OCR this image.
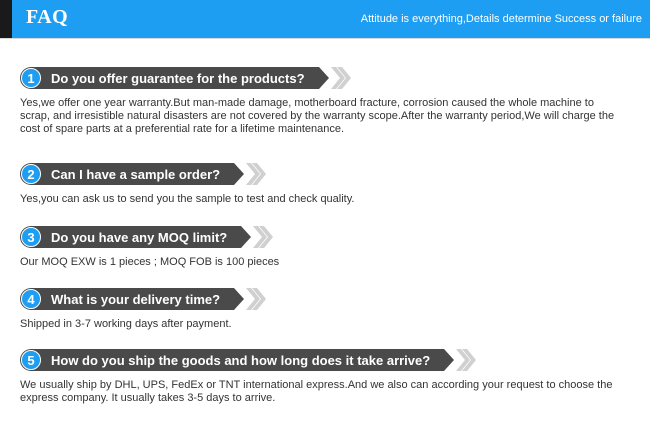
FAQ	Attitude is everything,Details determine Success or failure
1	Do you offer guarantee for the products?

Yes,we offer one year warranty.But man-made damage, motherboard fracture, corrosion caused the whole machine to scrap, and irresistible natural disasters are not covered by the warranty scope.After the warranty period,We will charge the cost of spare parts at a preferential rate for a lifetime maintenance.

2	Can I have a sample order?

Yes,you can ask us to send you the sample to test and check quality.

3	Do you have any MOQ limit?

Our MOQ EXW is 1 pieces ; MOQ FOB is 100 pieces

4	What is your delivery time?

Shipped in 3-7 working days after payment.

5	How do you ship the goods and how long does it take arrive?

We usually ship by DHL, UPS, FedEx or TNT international express.And we also can according your request to choose the express company. It usually takes 3-5 days to arrive.
